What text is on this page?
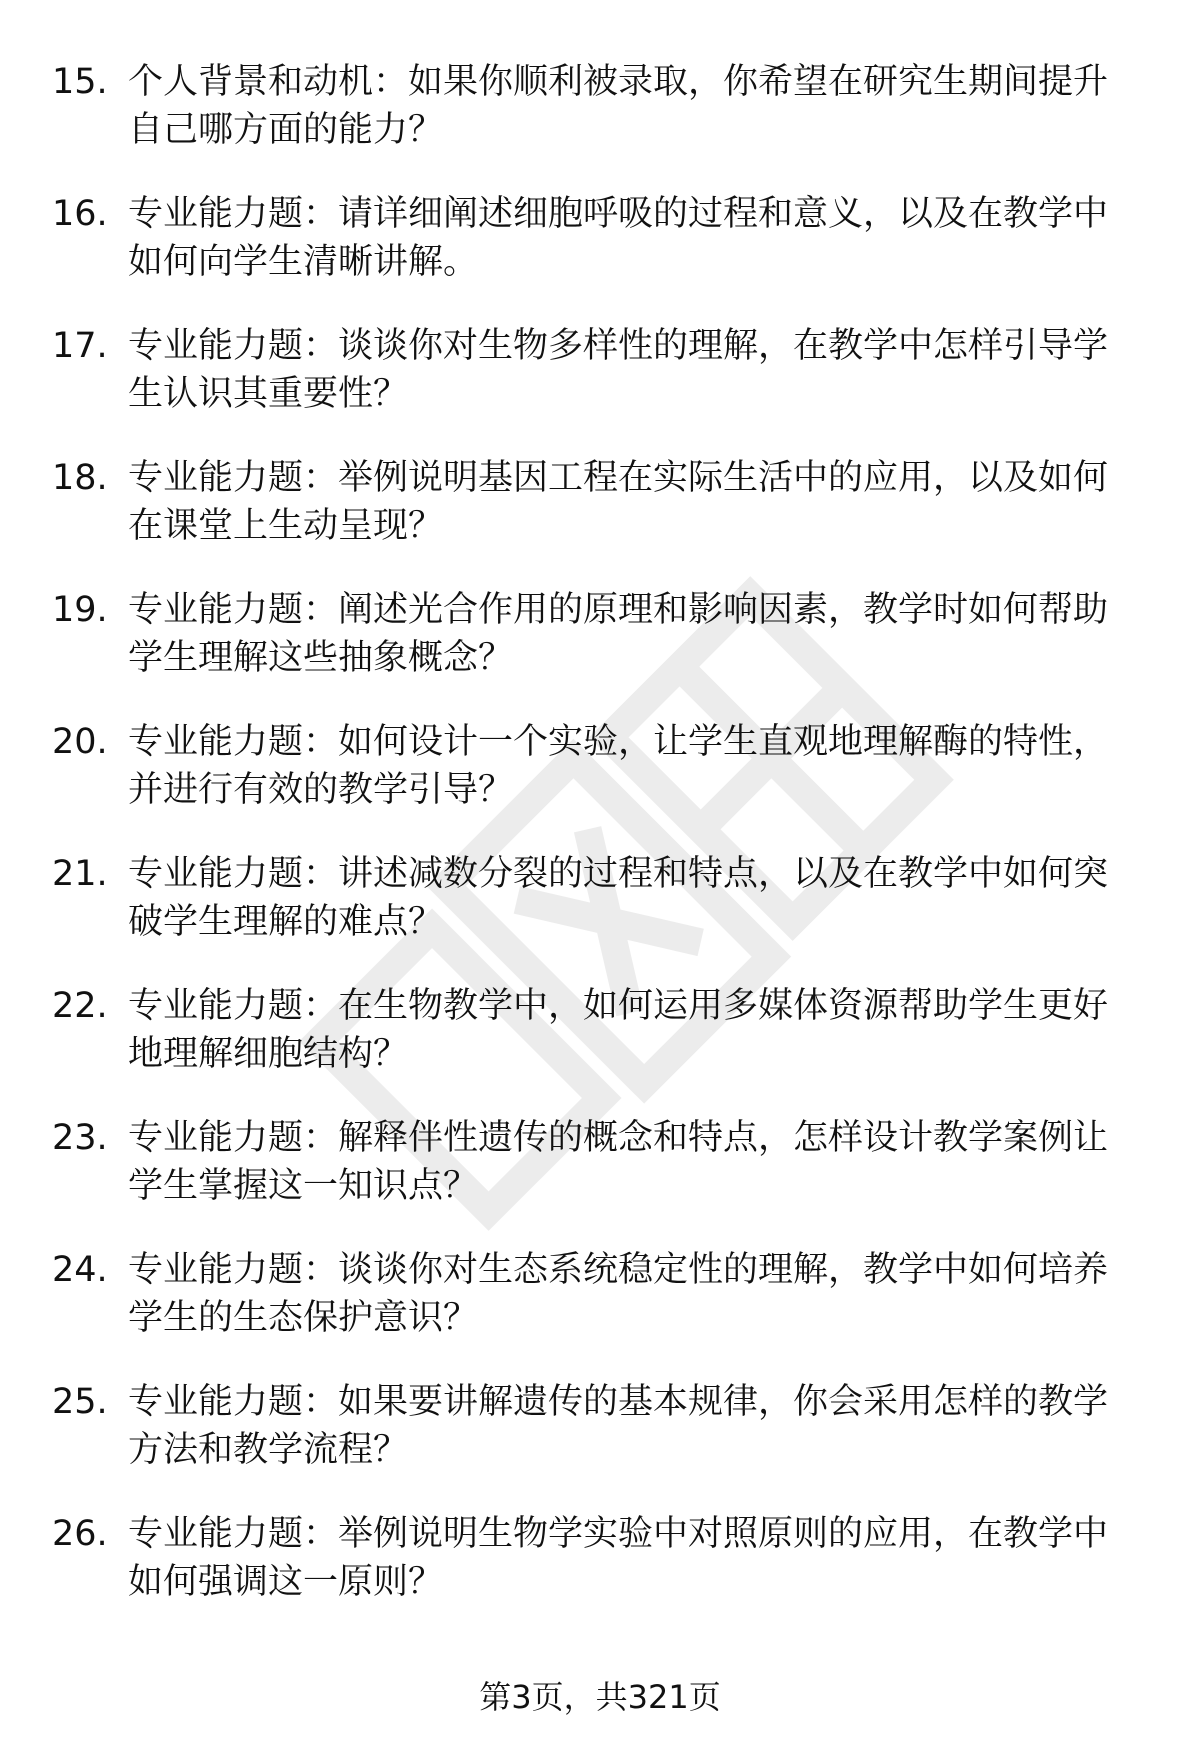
15. 个人背景和动机：如果你顺利被录取，你希望在研究生期间提升自己哪方面的能力？
16. 专业能力题：请详细阐述细胞呼吸的过程和意义，以及在教学中如何向学生清晰讲解。
17. 专业能力题：谈谈你对生物多样性的理解，在教学中怎样引导学生认识其重要性？
18. 专业能力题：举例说明基因工程在实际生活中的应用，以及如何在课堂上生动呈现？
19. 专业能力题：阐述光合作用的原理和影响因素，教学时如何帮助学生理解这些抽象概念？
20. 专业能力题：如何设计一个实验，让学生直观地理解酶的特性，并进行有效的教学引导？
21. 专业能力题：讲述减数分裂的过程和特点，以及在教学中如何突破学生理解的难点？
22. 专业能力题：在生物教学中，如何运用多媒体资源帮助学生更好地理解细胞结构？
23. 专业能力题：解释伴性遗传的概念和特点，怎样设计教学案例让学生掌握这一知识点？
24. 专业能力题：谈谈你对生态系统稳定性的理解，教学中如何培养学生的生态保护意识？
25. 专业能力题：如果要讲解遗传的基本规律，你会采用怎样的教学方法和教学流程？
26. 专业能力题：举例说明生物学实验中对照原则的应用，在教学中如何强调这一原则？
第3页，共321页
